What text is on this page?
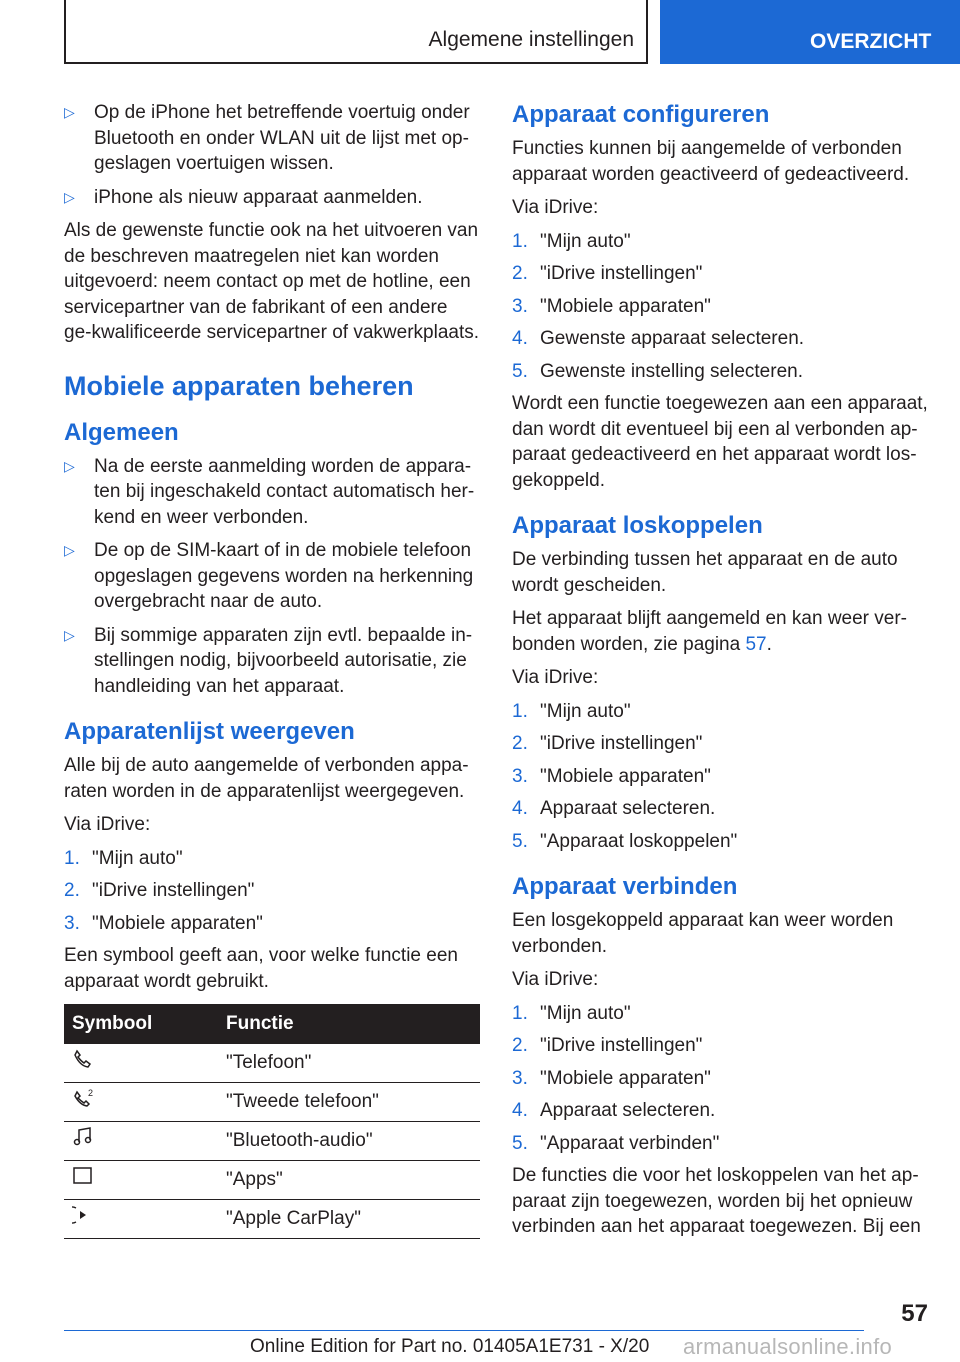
Algemene instellingen	OVERZICHT
▷ Op de iPhone het betreffende voertuig onder Bluetooth en onder WLAN uit de lijst met op-geslagen voertuigen wissen.
▷ iPhone als nieuw apparaat aanmelden.

Als de gewenste functie ook na het uitvoeren van de beschreven maatregelen niet kan worden uitgevoerd: neem contact op met de hotline, een servicepartner van de fabrikant of een andere ge-kwalificeerde servicepartner of vakwerkplaats.

Mobiele apparaten beheren
Algemeen
▷ Na de eerste aanmelding worden de appara-ten bij ingeschakeld contact automatisch her-kend en weer verbonden.
▷ De op de SIM-kaart of in de mobiele telefoon opgeslagen gegevens worden na herkenning overgebracht naar de auto.
▷ Bij sommige apparaten zijn evtl. bepaalde in-stellingen nodig, bijvoorbeeld autorisatie, zie handleiding van het apparaat.
Apparatenlijst weergeven

Alle bij de auto aangemelde of verbonden appa-raten worden in de apparatenlijst weergegeven.

Via iDrive:

1. "Mijn auto"
2. "iDrive instellingen"
3. "Mobiele apparaten"

Een symbool geeft aan, voor welke functie een apparaat wordt gebruikt.

Symbool	Functie
	"Telefoon"

2	"Tweede telefoon"
	"Bluetooth-audio"
	"Apps"
	"Apple CarPlay"
Apparaat configureren

Functies kunnen bij aangemelde of verbonden apparaat worden geactiveerd of gedeactiveerd.

Via iDrive:

1. "Mijn auto"
2. "iDrive instellingen"
3. "Mobiele apparaten"
4. Gewenste apparaat selecteren.
5. Gewenste instelling selecteren.

Wordt een functie toegewezen aan een apparaat, dan wordt dit eventueel bij een al verbonden ap-paraat gedeactiveerd en het apparaat wordt los-gekoppeld.

Apparaat loskoppelen

De verbinding tussen het apparaat en de auto wordt gescheiden.

Het apparaat blijft aangemeld en kan weer ver-bonden worden, zie pagina 57.

Via iDrive:

1. "Mijn auto"
2. "iDrive instellingen"
3. "Mobiele apparaten"
4. Apparaat selecteren.
5. "Apparaat loskoppelen"
Apparaat verbinden

Een losgekoppeld apparaat kan weer worden verbonden.

Via iDrive:

1. "Mijn auto"
2. "iDrive instellingen"
3. "Mobiele apparaten"
4. Apparaat selecteren.
5. "Apparaat verbinden"

De functies die voor het loskoppelen van het ap-paraat zijn toegewezen, worden bij het opnieuw verbinden aan het apparaat toegewezen. Bij een

57
Online Edition for Part no. 01405A1E731 - X/20 armanualsonline.info
